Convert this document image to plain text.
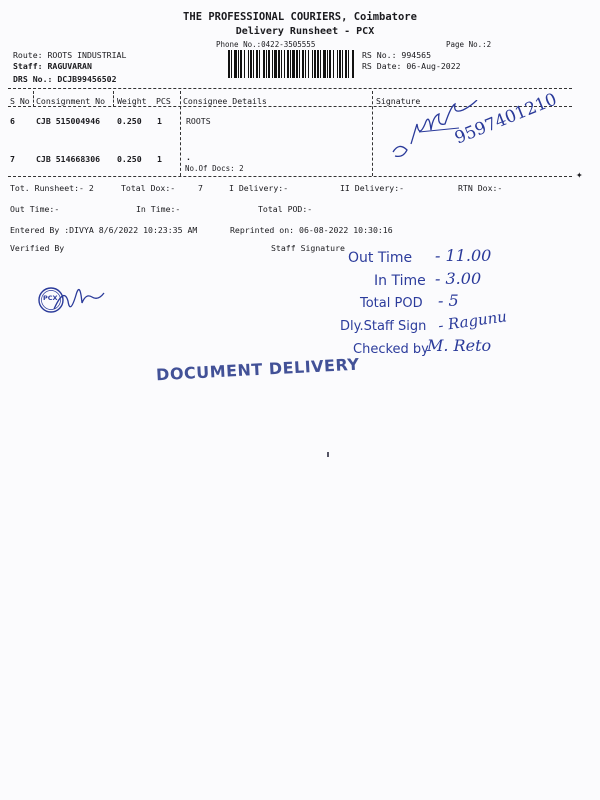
THE PROFESSIONAL COURIERS, Coimbatore
Delivery Runsheet - PCX
Phone No.:0422-3505555	Page No.:2
Route: ROOTS INDUSTRIAL
Staff: RAGUVARAN
DRS No.: DCJB99456502
RS No.: 994565
RS Date: 06-Aug-2022
S No Consignment No Weight PCS Consignee Details	Signature
6	CJB 515004946 0.250 1	ROOTS
7	CJB 514668306 0.250 1	.
No.Of Docs: 2
9597401210
✦
Tot. Runsheet:- 2	Total Dox:-	7	I Delivery:-	II Delivery:-	RTN Dox:-
Out Time:-	In Time:-	Total POD:-
Entered By :DIVYA 8/6/2022 10:23:35 AM	Reprinted on: 06-08-2022 10:30:16
Verified By	Staff Signature
Out Time - 11.00
In Time - 3.00
Total POD - 5
Dly.Staff Sign - Ragunu
Checked by
M. Reto
PCX
DOCUMENT DELIVERY
